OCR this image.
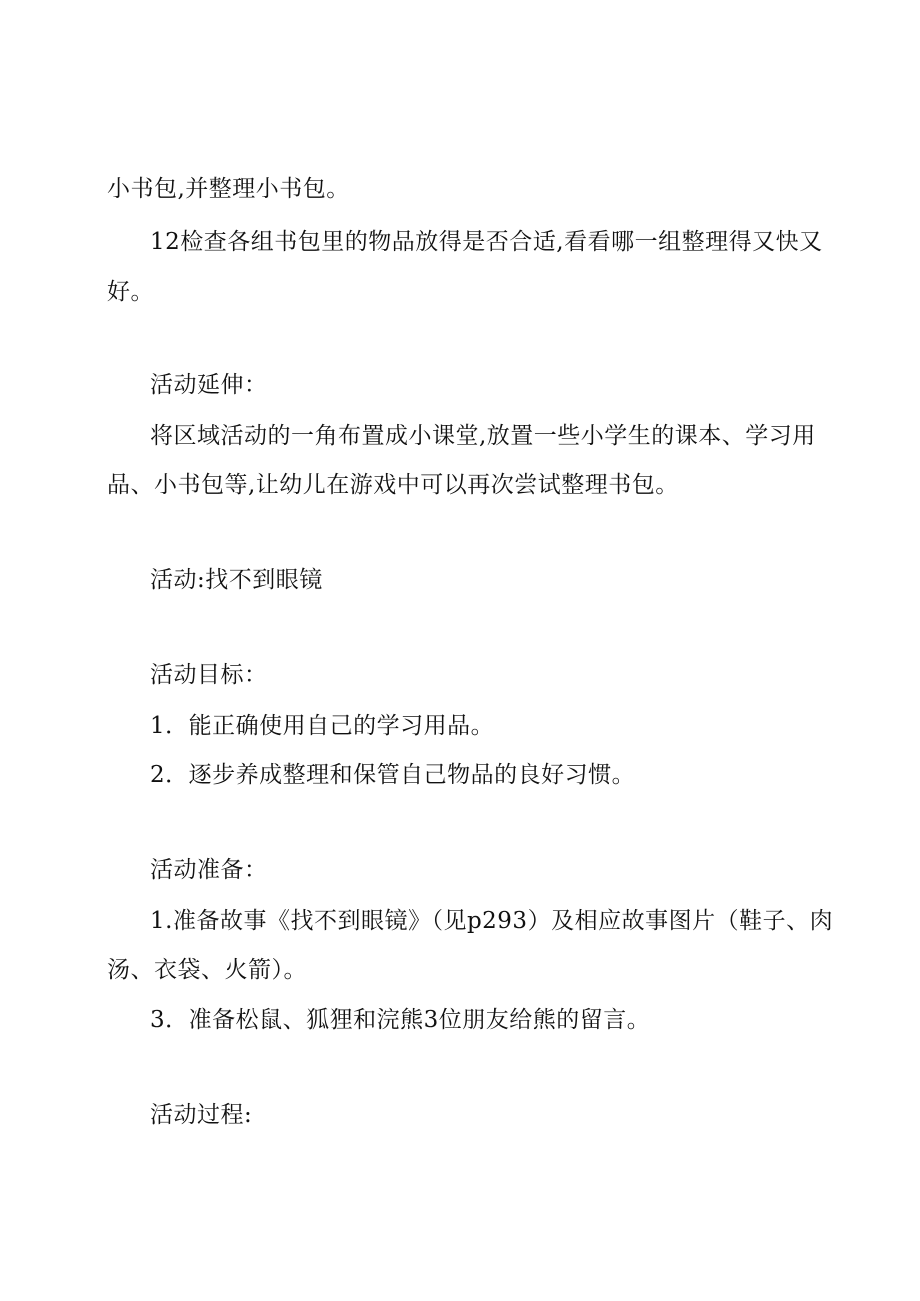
小书包,并整理小书包。
12检查各组书包里的物品放得是否合适,看看哪一组整理得又快又
好。
活动延伸：
将区域活动的一角布置成小课堂,放置一些小学生的课本、学习用
品、小书包等,让幼儿在游戏中可以再次尝试整理书包。
活动:找不到眼镜
活动目标：
1．能正确使用自己的学习用品。
2．逐步养成整理和保管自己物品的良好习惯。
活动准备：
1.准备故事《找不到眼镜》（见p293）及相应故事图片（鞋子、肉
汤、衣袋、火箭）。
3．准备松鼠、狐狸和浣熊3位朋友给熊的留言。
活动过程:
